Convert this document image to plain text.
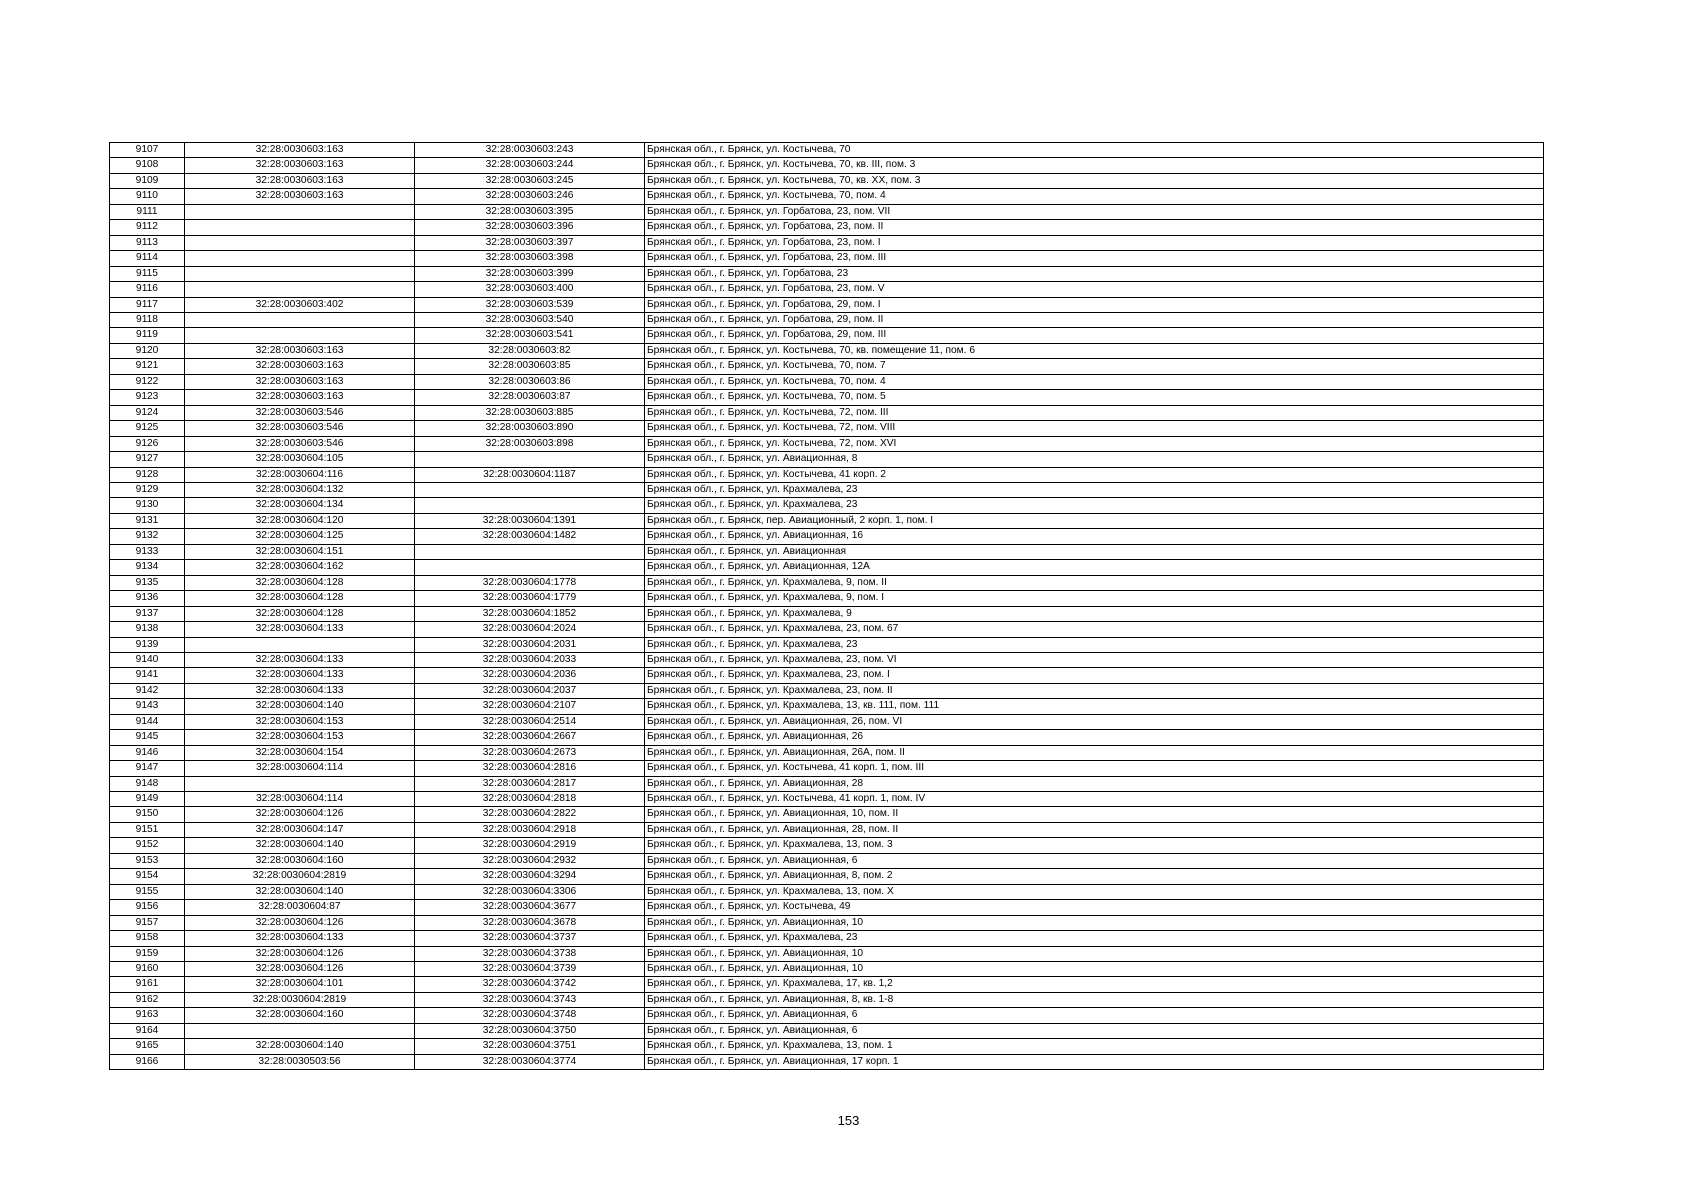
9107	32:28:0030603:163	32:28:0030603:243	Брянская обл., г. Брянск, ул. Костычева, 70
9108	32:28:0030603:163	32:28:0030603:244	Брянская обл., г. Брянск, ул. Костычева, 70, кв. III, пом. 3
9109	32:28:0030603:163	32:28:0030603:245	Брянская обл., г. Брянск, ул. Костычева, 70, кв. XX, пом. 3
9110	32:28:0030603:163	32:28:0030603:246	Брянская обл., г. Брянск, ул. Костычева, 70, пом. 4
9111		32:28:0030603:395	Брянская обл., г. Брянск, ул. Горбатова, 23, пом. VII
9112		32:28:0030603:396	Брянская обл., г. Брянск, ул. Горбатова, 23, пом. II
9113		32:28:0030603:397	Брянская обл., г. Брянск, ул. Горбатова, 23, пом. I
9114		32:28:0030603:398	Брянская обл., г. Брянск, ул. Горбатова, 23, пом. III
9115		32:28:0030603:399	Брянская обл., г. Брянск, ул. Горбатова, 23
9116		32:28:0030603:400	Брянская обл., г. Брянск, ул. Горбатова, 23, пом. V
9117	32:28:0030603:402	32:28:0030603:539	Брянская обл., г. Брянск, ул. Горбатова, 29, пом. I
9118		32:28:0030603:540	Брянская обл., г. Брянск, ул. Горбатова, 29, пом. II
9119		32:28:0030603:541	Брянская обл., г. Брянск, ул. Горбатова, 29, пом. III
9120	32:28:0030603:163	32:28:0030603:82	Брянская обл., г. Брянск, ул. Костычева, 70, кв. помещение 11, пом. 6
9121	32:28:0030603:163	32:28:0030603:85	Брянская обл., г. Брянск, ул. Костычева, 70, пом. 7
9122	32:28:0030603:163	32:28:0030603:86	Брянская обл., г. Брянск, ул. Костычева, 70, пом. 4
9123	32:28:0030603:163	32:28:0030603:87	Брянская обл., г. Брянск, ул. Костычева, 70, пом. 5
9124	32:28:0030603:546	32:28:0030603:885	Брянская обл., г. Брянск, ул. Костычева, 72, пом. III
9125	32:28:0030603:546	32:28:0030603:890	Брянская обл., г. Брянск, ул. Костычева, 72, пом. VIII
9126	32:28:0030603:546	32:28:0030603:898	Брянская обл., г. Брянск, ул. Костычева, 72, пом. XVI
9127	32:28:0030604:105		Брянская обл., г. Брянск, ул. Авиационная, 8
9128	32:28:0030604:116	32:28:0030604:1187	Брянская обл., г. Брянск, ул. Костычева, 41 корп. 2
9129	32:28:0030604:132		Брянская обл., г. Брянск, ул. Крахмалева, 23
9130	32:28:0030604:134		Брянская обл., г. Брянск, ул. Крахмалева, 23
9131	32:28:0030604:120	32:28:0030604:1391	Брянская обл., г. Брянск, пер. Авиационный, 2 корп. 1, пом. I
9132	32:28:0030604:125	32:28:0030604:1482	Брянская обл., г. Брянск, ул. Авиационная, 16
9133	32:28:0030604:151		Брянская обл., г. Брянск, ул. Авиационная
9134	32:28:0030604:162		Брянская обл., г. Брянск, ул. Авиационная, 12А
9135	32:28:0030604:128	32:28:0030604:1778	Брянская обл., г. Брянск, ул. Крахмалева, 9, пом. II
9136	32:28:0030604:128	32:28:0030604:1779	Брянская обл., г. Брянск, ул. Крахмалева, 9, пом. I
9137	32:28:0030604:128	32:28:0030604:1852	Брянская обл., г. Брянск, ул. Крахмалева, 9
9138	32:28:0030604:133	32:28:0030604:2024	Брянская обл., г. Брянск, ул. Крахмалева, 23, пом. 67
9139		32:28:0030604:2031	Брянская обл., г. Брянск, ул. Крахмалева, 23
9140	32:28:0030604:133	32:28:0030604:2033	Брянская обл., г. Брянск, ул. Крахмалева, 23, пом. VI
9141	32:28:0030604:133	32:28:0030604:2036	Брянская обл., г. Брянск, ул. Крахмалева, 23, пом. I
9142	32:28:0030604:133	32:28:0030604:2037	Брянская обл., г. Брянск, ул. Крахмалева, 23, пом. II
9143	32:28:0030604:140	32:28:0030604:2107	Брянская обл., г. Брянск, ул. Крахмалева, 13, кв. 111, пом. 111
9144	32:28:0030604:153	32:28:0030604:2514	Брянская обл., г. Брянск, ул. Авиационная, 26, пом. VI
9145	32:28:0030604:153	32:28:0030604:2667	Брянская обл., г. Брянск, ул. Авиационная, 26
9146	32:28:0030604:154	32:28:0030604:2673	Брянская обл., г. Брянск, ул. Авиационная, 26А, пом. II
9147	32:28:0030604:114	32:28:0030604:2816	Брянская обл., г. Брянск, ул. Костычева, 41 корп. 1, пом. III
9148		32:28:0030604:2817	Брянская обл., г. Брянск, ул. Авиационная, 28
9149	32:28:0030604:114	32:28:0030604:2818	Брянская обл., г. Брянск, ул. Костычева, 41 корп. 1, пом. IV
9150	32:28:0030604:126	32:28:0030604:2822	Брянская обл., г. Брянск, ул. Авиационная, 10, пом. II
9151	32:28:0030604:147	32:28:0030604:2918	Брянская обл., г. Брянск, ул. Авиационная, 28, пом. II
9152	32:28:0030604:140	32:28:0030604:2919	Брянская обл., г. Брянск, ул. Крахмалева, 13, пом. 3
9153	32:28:0030604:160	32:28:0030604:2932	Брянская обл., г. Брянск, ул. Авиационная, 6
9154	32:28:0030604:2819	32:28:0030604:3294	Брянская обл., г. Брянск, ул. Авиационная, 8, пом. 2
9155	32:28:0030604:140	32:28:0030604:3306	Брянская обл., г. Брянск, ул. Крахмалева, 13, пом. X
9156	32:28:0030604:87	32:28:0030604:3677	Брянская обл., г. Брянск, ул. Костычева, 49
9157	32:28:0030604:126	32:28:0030604:3678	Брянская обл., г. Брянск, ул. Авиационная, 10
9158	32:28:0030604:133	32:28:0030604:3737	Брянская обл., г. Брянск, ул. Крахмалева, 23
9159	32:28:0030604:126	32:28:0030604:3738	Брянская обл., г. Брянск, ул. Авиационная, 10
9160	32:28:0030604:126	32:28:0030604:3739	Брянская обл., г. Брянск, ул. Авиационная, 10
9161	32:28:0030604:101	32:28:0030604:3742	Брянская обл., г. Брянск, ул. Крахмалева, 17, кв. 1,2
9162	32:28:0030604:2819	32:28:0030604:3743	Брянская обл., г. Брянск, ул. Авиационная, 8, кв. 1-8
9163	32:28:0030604:160	32:28:0030604:3748	Брянская обл., г. Брянск, ул. Авиационная, 6
9164		32:28:0030604:3750	Брянская обл., г. Брянск, ул. Авиационная, 6
9165	32:28:0030604:140	32:28:0030604:3751	Брянская обл., г. Брянск, ул. Крахмалева, 13, пом. 1
9166	32:28:0030503:56	32:28:0030604:3774	Брянская обл., г. Брянск, ул. Авиационная, 17 корп. 1
153
